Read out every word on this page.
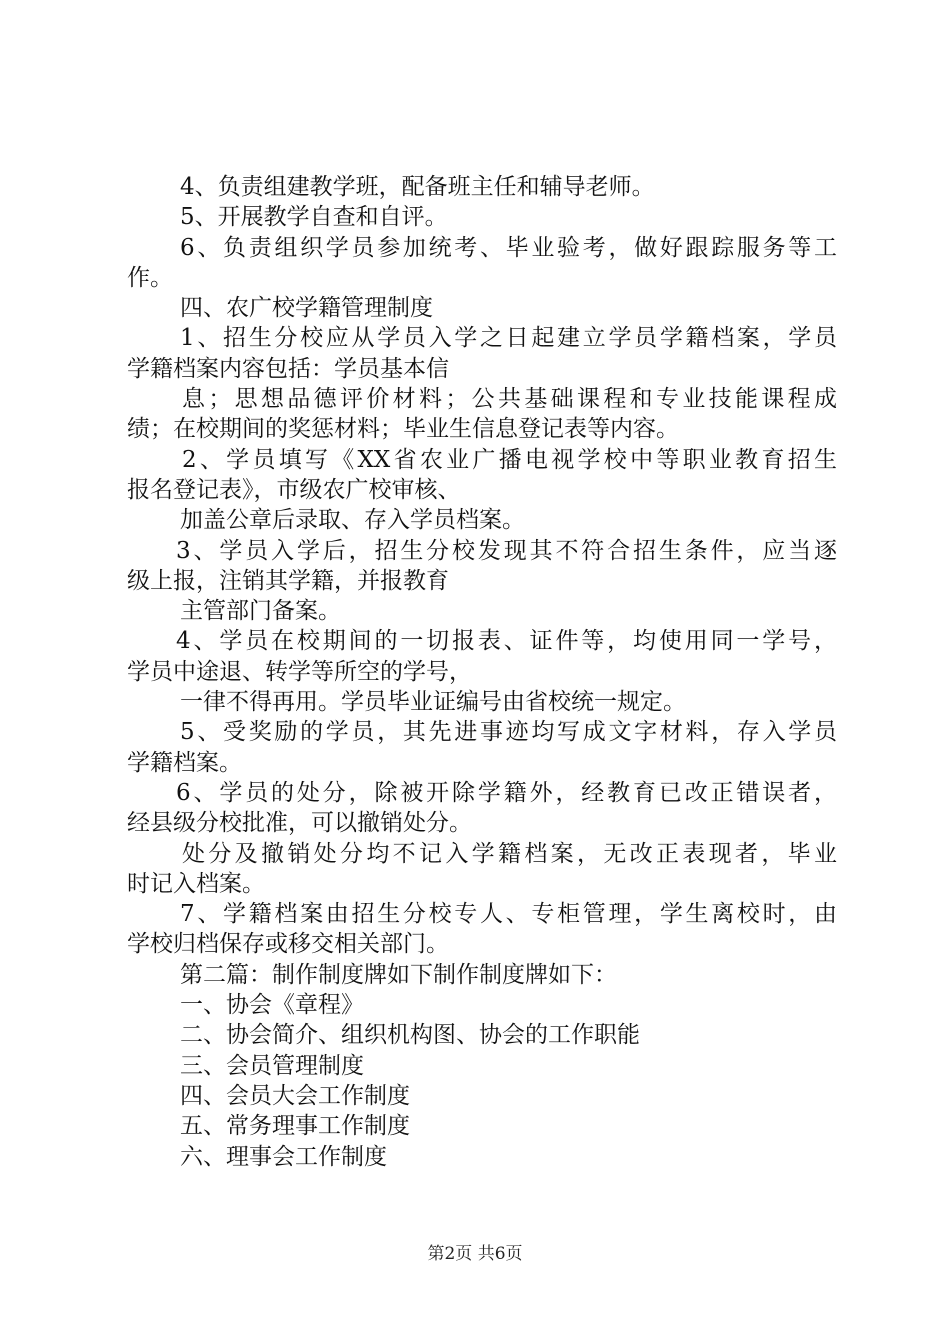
4、负责组建教学班，配备班主任和辅导老师。
5、开展教学自查和自评。
6、负责组织学员参加统考、毕业验考，做好跟踪服务等工
作。
四、农广校学籍管理制度
1、招生分校应从学员入学之日起建立学员学籍档案，学员
学籍档案内容包括：学员基本信
息；思想品德评价材料；公共基础课程和专业技能课程成
绩；在校期间的奖惩材料；毕业生信息登记表等内容。
2、学员填写《XX省农业广播电视学校中等职业教育招生
报名登记表》，市级农广校审核、
加盖公章后录取、存入学员档案。
3、学员入学后，招生分校发现其不符合招生条件，应当逐
级上报，注销其学籍，并报教育
主管部门备案。
4、学员在校期间的一切报表、证件等，均使用同一学号，
学员中途退、转学等所空的学号，
一律不得再用。学员毕业证编号由省校统一规定。
5、受奖励的学员，其先进事迹均写成文字材料，存入学员
学籍档案。
6、学员的处分，除被开除学籍外，经教育已改正错误者，
经县级分校批准，可以撤销处分。
处分及撤销处分均不记入学籍档案，无改正表现者，毕业
时记入档案。
7、学籍档案由招生分校专人、专柜管理，学生离校时，由
学校归档保存或移交相关部门。
第二篇：制作制度牌如下制作制度牌如下：
一、协会《章程》
二、协会简介、组织机构图、协会的工作职能
三、会员管理制度
四、会员大会工作制度
五、常务理事工作制度
六、理事会工作制度
第2页 共6页
